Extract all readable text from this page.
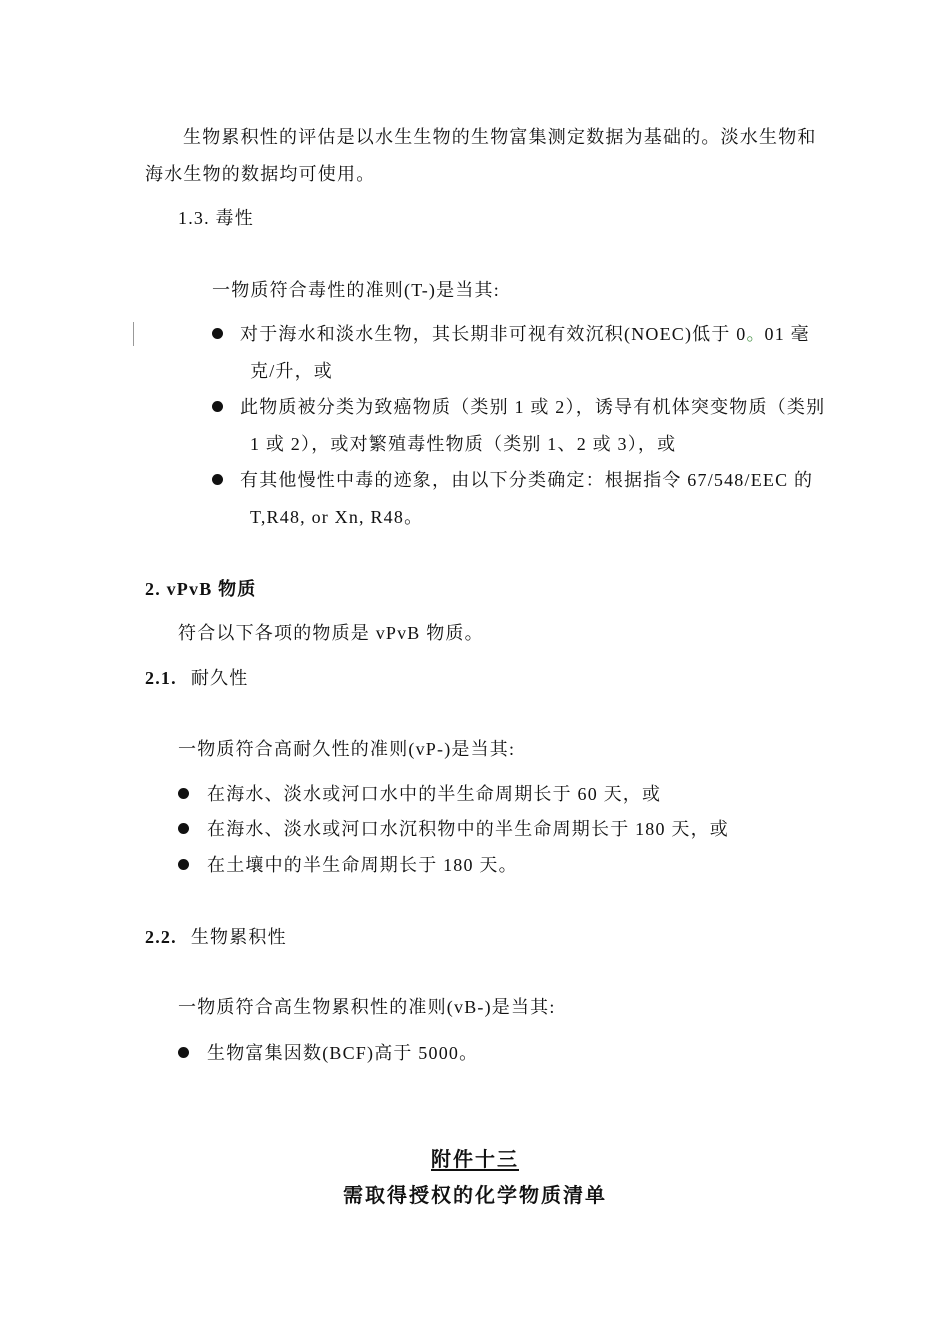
生物累积性的评估是以水生生物的生物富集测定数据为基础的。淡水生物和
海水生物的数据均可使用。
1.3. 毒性
一物质符合毒性的准则(T-)是当其:
对于海水和淡水生物，其长期非可视有效沉积(NOEC)低于 0。01 毫
克/升，或
此物质被分类为致癌物质（类别 1 或 2），诱导有机体突变物质（类别
1 或 2），或对繁殖毒性物质（类别 1、2 或 3），或
有其他慢性中毒的迹象，由以下分类确定：根据指令 67/548/EEC 的
T,R48, or Xn, R48。
2. vPvB 物质
符合以下各项的物质是 vPvB 物质。
2.1. 耐久性
一物质符合高耐久性的准则(vP-)是当其:
在海水、淡水或河口水中的半生命周期长于 60 天，或
在海水、淡水或河口水沉积物中的半生命周期长于 180 天，或
在土壤中的半生命周期长于 180 天。
2.2. 生物累积性
一物质符合高生物累积性的准则(vB-)是当其:
生物富集因数(BCF)高于 5000。
附件十三
需取得授权的化学物质清单
